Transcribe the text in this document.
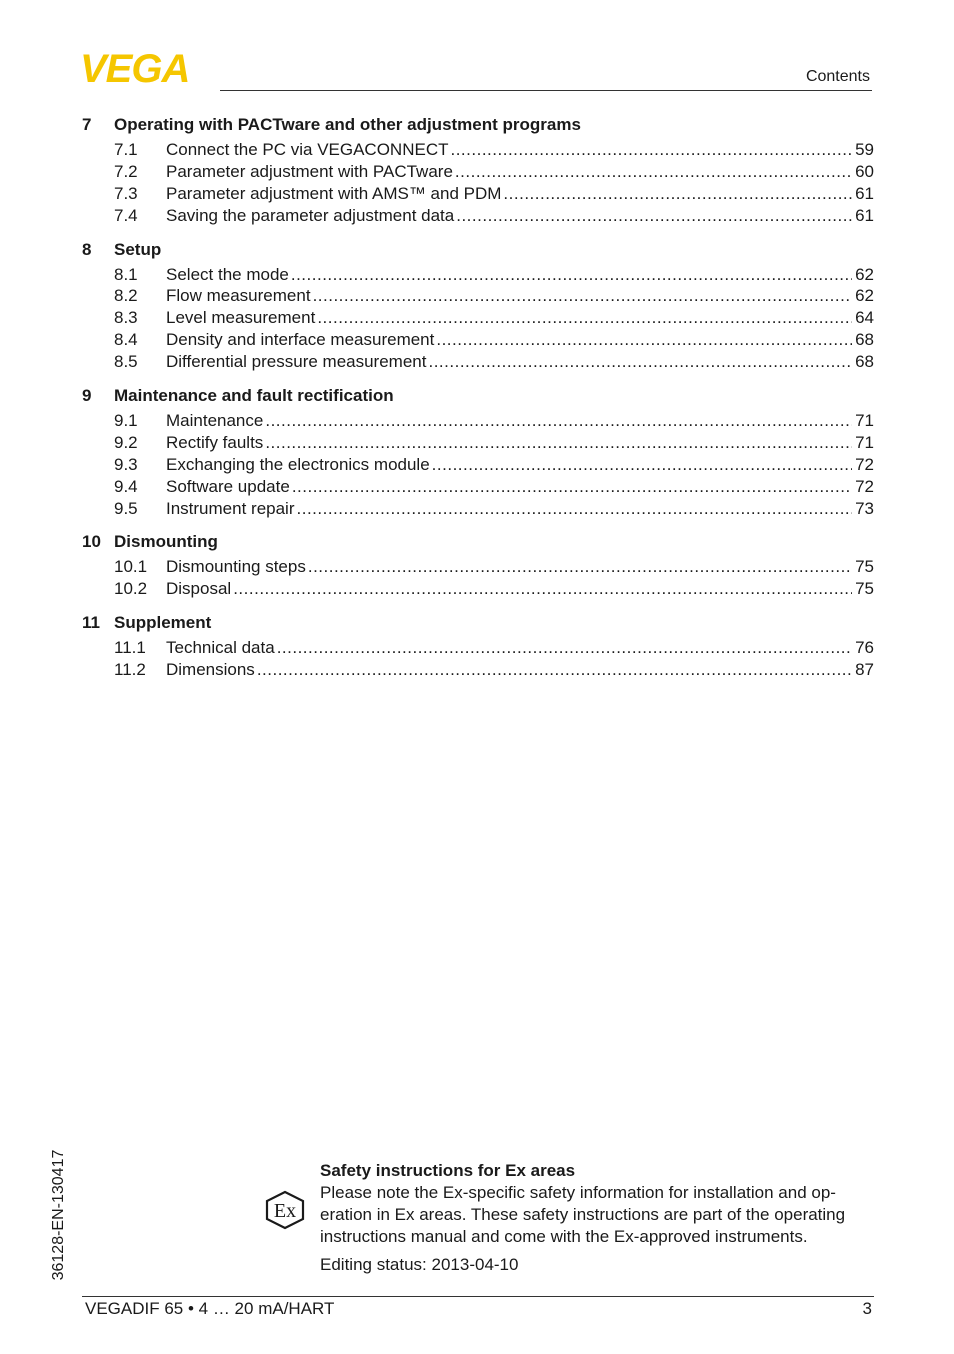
VEGA	Contents
7	Operating with PACTware and other adjustment programs
7.1	Connect the PC via VEGACONNECT .....	59
7.2	Parameter adjustment with PACTware .....	60
7.3	Parameter adjustment with AMS™ and PDM .....	61
7.4	Saving the parameter adjustment data .....	61
8	Setup
8.1	Select the mode .....	62
8.2	Flow measurement .....	62
8.3	Level measurement .....	64
8.4	Density and interface measurement .....	68
8.5	Differential pressure measurement .....	68
9	Maintenance and fault rectification
9.1	Maintenance .....	71
9.2	Rectify faults .....	71
9.3	Exchanging the electronics module .....	72
9.4	Software update .....	72
9.5	Instrument repair .....	73
10 Dismounting
10.1	Dismounting steps .....	75
10.2	Disposal .....	75
11 Supplement
11.1	Technical data .....	76
11.2	Dimensions .....	87
36128-EN-130417	Ex
Safety instructions for Ex areas
Please note the Ex-specific safety information for installation and op-eration in Ex areas. These safety instructions are part of the operating instructions manual and come with the Ex-approved instruments.
Editing status: 2013-04-10
VEGADIF 65 • 4 … 20 mA/HART	3
